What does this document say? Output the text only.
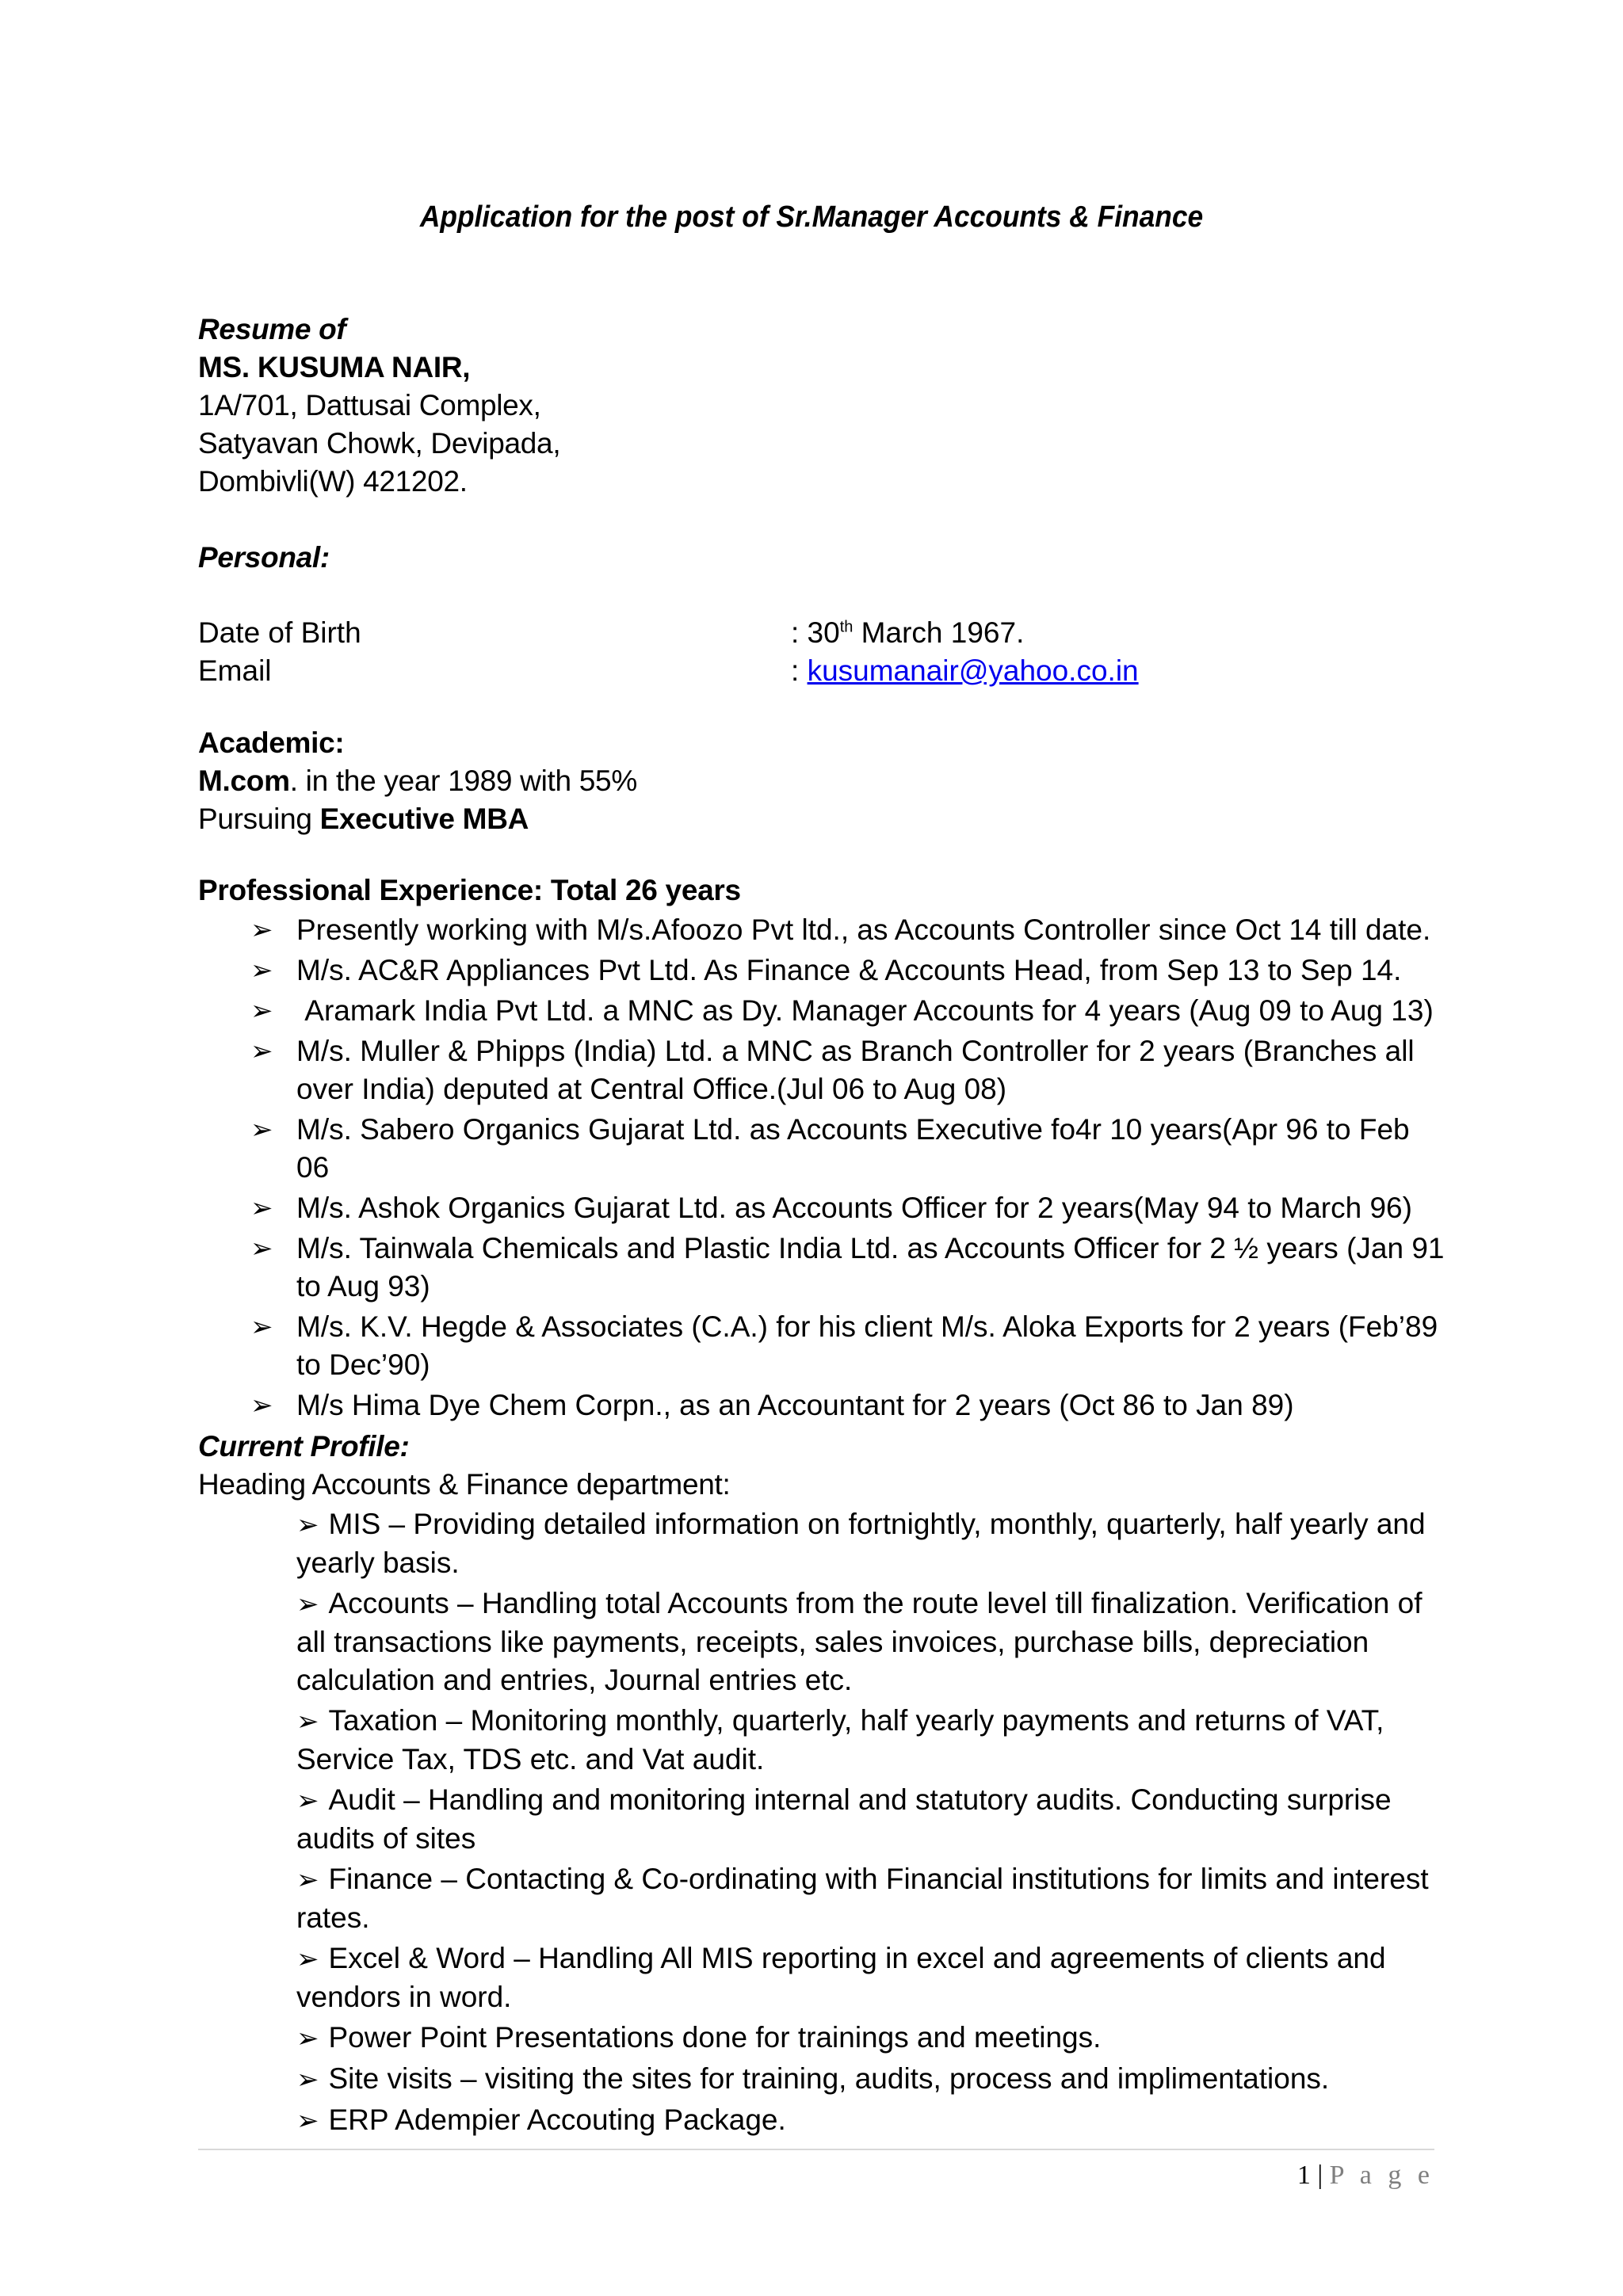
Application for the post of Sr.Manager Accounts & Finance

Resume of

MS. KUSUMA NAIR,

1A/701, Dattusai Complex,

Satyavan Chowk, Devipada,

Dombivli(W) 421202.

Personal:

Date of Birth	: 30th March 1967.
Email	: kusumanair@yahoo.co.in

Academic:

M.com. in the year 1989 with 55%

Pursuing Executive MBA

Professional Experience: Total 26 years

➢ Presently working with M/s.Afoozo Pvt ltd., as Accounts Controller since Oct 14 till date.
➢ M/s. AC&R Appliances Pvt Ltd. As Finance & Accounts Head, from Sep 13 to Sep 14.
➢ Aramark India Pvt Ltd. a MNC as Dy. Manager Accounts for 4 years (Aug 09 to Aug 13)
➢ M/s. Muller & Phipps (India) Ltd. a MNC as Branch Controller for 2 years (Branches all over India) deputed at Central Office.(Jul 06 to Aug 08)
➢ M/s. Sabero Organics Gujarat Ltd. as Accounts Executive fo4r 10 years(Apr 96 to Feb 06
➢ M/s. Ashok Organics Gujarat Ltd. as Accounts Officer for 2 years(May 94 to March 96)
➢ M/s. Tainwala Chemicals and Plastic India Ltd. as Accounts Officer for 2 ½ years (Jan 91 to Aug 93)
➢ M/s. K.V. Hegde & Associates (C.A.) for his client M/s. Aloka Exports for 2 years (Feb’89 to Dec’90)
➢ M/s Hima Dye Chem Corpn., as an Accountant for 2 years (Oct 86 to Jan 89)

Current Profile:

Heading Accounts & Finance department:

➢ MIS – Providing detailed information on fortnightly, monthly, quarterly, half yearly and yearly basis.
➢ Accounts – Handling total Accounts from the route level till finalization. Verification of all transactions like payments, receipts, sales invoices, purchase bills, depreciation calculation and entries, Journal entries etc.
➢ Taxation – Monitoring monthly, quarterly, half yearly payments and returns of VAT, Service Tax, TDS etc. and Vat audit.
➢ Audit – Handling and monitoring internal and statutory audits. Conducting surprise audits of sites
➢ Finance – Contacting & Co-ordinating with Financial institutions for limits and interest rates.
➢ Excel & Word – Handling All MIS reporting in excel and agreements of clients and vendors in word.
➢ Power Point Presentations done for trainings and meetings.
➢ Site visits – visiting the sites for training, audits, process and implimentations.
➢ ERP Adempier Accouting Package.
1 | P a g e
